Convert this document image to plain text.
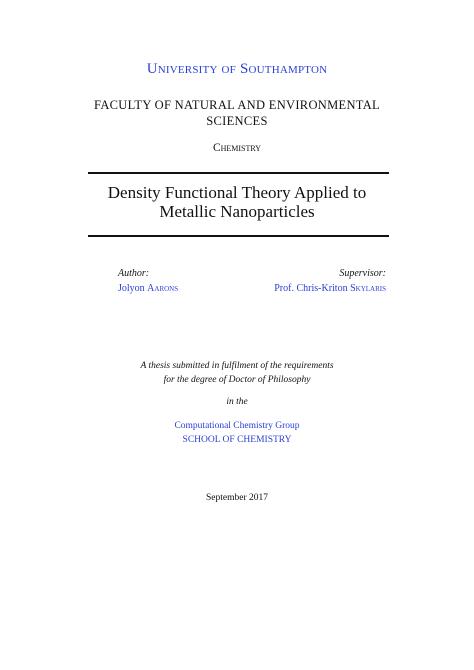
University of Southampton

FACULTY OF NATURAL AND ENVIRONMENTAL
SCIENCES

Chemistry

Density Functional Theory Applied to
Metallic Nanoparticles
Author:
Jolyon Aarons
Supervisor:
Prof. Chris-Kriton Skylaris

A thesis submitted in fulfilment of the requirements
for the degree of Doctor of Philosophy

in the

Computational Chemistry Group
SCHOOL OF CHEMISTRY

September 2017
